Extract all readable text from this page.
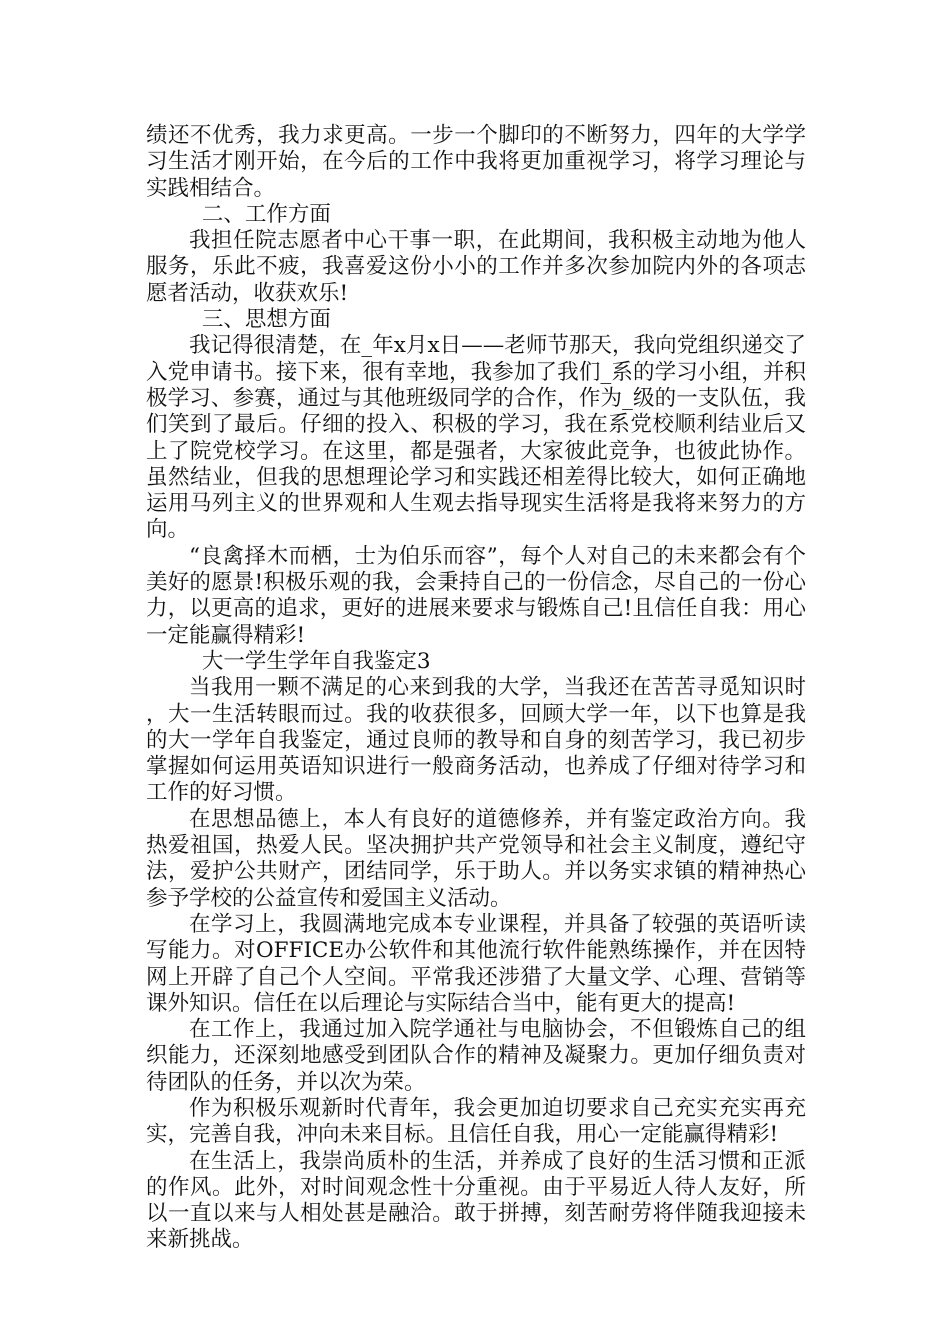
绩还不优秀，我力求更高。一步一个脚印的不断努力，四年的大学学习生活才刚开始，在今后的工作中我将更加重视学习，将学习理论与实践相结合。

二、工作方面

我担任院志愿者中心干事一职，在此期间，我积极主动地为他人服务，乐此不疲，我喜爱这份小小的工作并多次参加院内外的各项志愿者活动，收获欢乐!

三、思想方面

我记得很清楚，在_年x月x日——老师节那天，我向党组织递交了入党申请书。接下来，很有幸地，我参加了我们_系的学习小组，并积极学习、参赛，通过与其他班级同学的合作，作为_级的一支队伍，我们笑到了最后。仔细的投入、积极的学习，我在系党校顺利结业后又上了院党校学习。在这里，都是强者，大家彼此竞争，也彼此协作。虽然结业，但我的思想理论学习和实践还相差得比较大，如何正确地运用马列主义的世界观和人生观去指导现实生活将是我将来努力的方向。

“良禽择木而栖，士为伯乐而容”，每个人对自己的未来都会有个美好的愿景!积极乐观的我，会秉持自己的一份信念，尽自己的一份心力，以更高的追求，更好的进展来要求与锻炼自己!且信任自我：用心一定能赢得精彩!

大一学生学年自我鉴定3

当我用一颗不满足的心来到我的大学，当我还在苦苦寻觅知识时，大一生活转眼而过。我的收获很多，回顾大学一年，以下也算是我的大一学年自我鉴定，通过良师的教导和自身的刻苦学习，我已初步掌握如何运用英语知识进行一般商务活动，也养成了仔细对待学习和工作的好习惯。

在思想品德上，本人有良好的道德修养，并有鉴定政治方向。我热爱祖国，热爱人民。坚决拥护共产党领导和社会主义制度，遵纪守法，爱护公共财产，团结同学，乐于助人。并以务实求镇的精神热心参予学校的公益宣传和爱国主义活动。

在学习上，我圆满地完成本专业课程，并具备了较强的英语听读写能力。对OFFICE办公软件和其他流行软件能熟练操作，并在因特网上开辟了自己个人空间。平常我还涉猎了大量文学、心理、营销等课外知识。信任在以后理论与实际结合当中，能有更大的提高!

在工作上，我通过加入院学通社与电脑协会，不但锻炼自己的组织能力，还深刻地感受到团队合作的精神及凝聚力。更加仔细负责对待团队的任务，并以次为荣。

作为积极乐观新时代青年，我会更加迫切要求自己充实充实再充实，完善自我，冲向未来目标。且信任自我，用心一定能赢得精彩!

在生活上，我崇尚质朴的生活，并养成了良好的生活习惯和正派的作风。此外，对时间观念性十分重视。由于平易近人待人友好，所以一直以来与人相处甚是融洽。敢于拼搏，刻苦耐劳将伴随我迎接未来新挑战。
